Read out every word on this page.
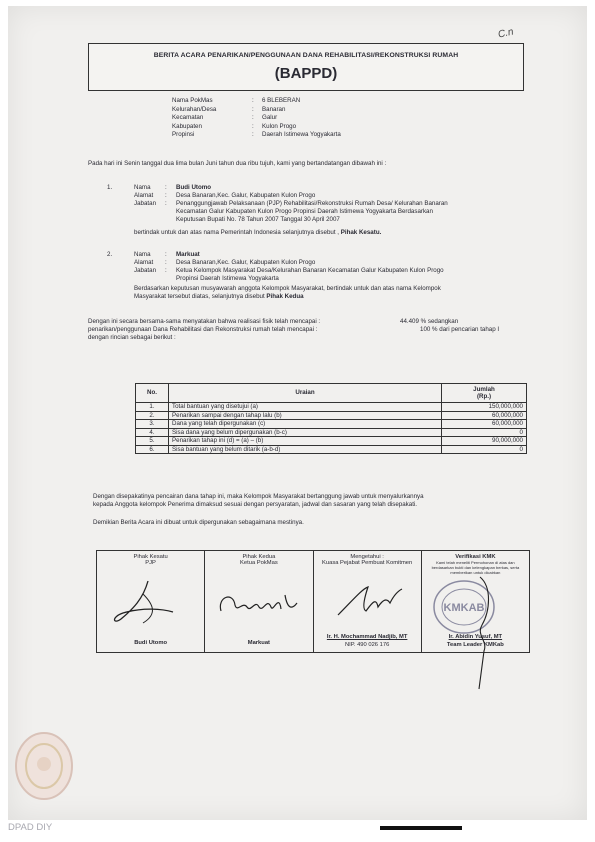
C.n
BERITA ACARA PENARIKAN/PENGGUNAAN DANA REHABILITASI/REKONSTRUKSI RUMAH
(BAPPD)
Nama PokMas	: 6 BLEBERAN
Kelurahan/Desa	: Banaran
Kecamatan	: Galur
Kabupaten	: Kulon Progo
Propinsi	: Daerah Istimewa Yogyakarta
Pada hari ini Senin tanggal dua lima bulan Juni tahun dua ribu tujuh, kami yang bertandatangan dibawah ini :
1.	Nama : Budi Utomo
Alamat : Desa Banaran,Kec. Galur, Kabupaten Kulon Progo
Jabatan : Penanggungjawab Pelaksanaan (PJP) Rehabilitasi/Rekonstruksi Rumah Desa/ Kelurahan Banaran
Kecamatan Galur Kabupaten Kulon Progo Propinsi Daerah Istimewa Yogyakarta Berdasarkan
Keputusan Bupati No. 78 Tahun 2007 Tanggal 30 April 2007
bertindak untuk dan atas nama Pemerintah Indonesia selanjutnya disebut , Pihak Kesatu.
2.	Nama : Markuat
Alamat : Desa Banaran,Kec. Galur, Kabupaten Kulon Progo
Jabatan : Ketua Kelompok Masyarakat Desa/Kelurahan Banaran Kecamatan Galur Kabupaten Kulon Progo
Propinsi Daerah Istimewa Yogyakarta
Berdasarkan keputusan musyawarah anggota Kelompok Masyarakat, bertindak untuk dan atas nama Kelompok
Masyarakat tersebut diatas, selanjutnya disebut Pihak Kedua
Dengan ini secara bersama-sama menyatakan bahwa realisasi fisik telah mencapai :	44.409 % sedangkan
penarikan/penggunaan Dana Rehabilitasi dan Rekonstruksi rumah telah mencapai :	100 % dari pencarian tahap I
dengan rincian sebagai berikut :
No.	Uraian	Jumlah
(Rp.)

1.	Total bantuan yang disetujui (a)	150,000,000
2.	Penarikan sampai dengan tahap lalu (b)	60,000,000
3.	Dana yang telah dipergunakan (c)	60,000,000
4.	Sisa dana yang belum dipergunakan (b-c)	0
5.	Penarikan tahap ini (d) = (a) – (b)	90,000,000
6.	Sisa bantuan yang belum ditarik (a-b-d)	0
Dengan disepakatinya pencairan dana tahap ini, maka Kelompok Masyarakat bertanggung jawab untuk menyalurkannya
kepada Anggota kelompok Penerima dimaksud sesuai dengan persyaratan, jadwal dan sasaran yang telah disepakati.
Demikian Berita Acara ini dibuat untuk dipergunakan sebagaimana mestinya.
Pihak Kesatu
PJP
Budi Utomo

Pihak Kedua
Ketua PokMas
Markuat

Mengetahui :
Kuasa Pejabat Pembuat Komitmen
Ir. H. Mochammad Nadjib, MT
NIP. 490 026 176

Verifikasi KMK
Kami telah meneliti Permohonan di atas dan berdasarkan bukti dan kelengkapan berkas, serta memberikan untuk dicairkan
KMKAB
Ir. Abidin Yusuf, MT
Team Leader KMKab
DPAD DIY
